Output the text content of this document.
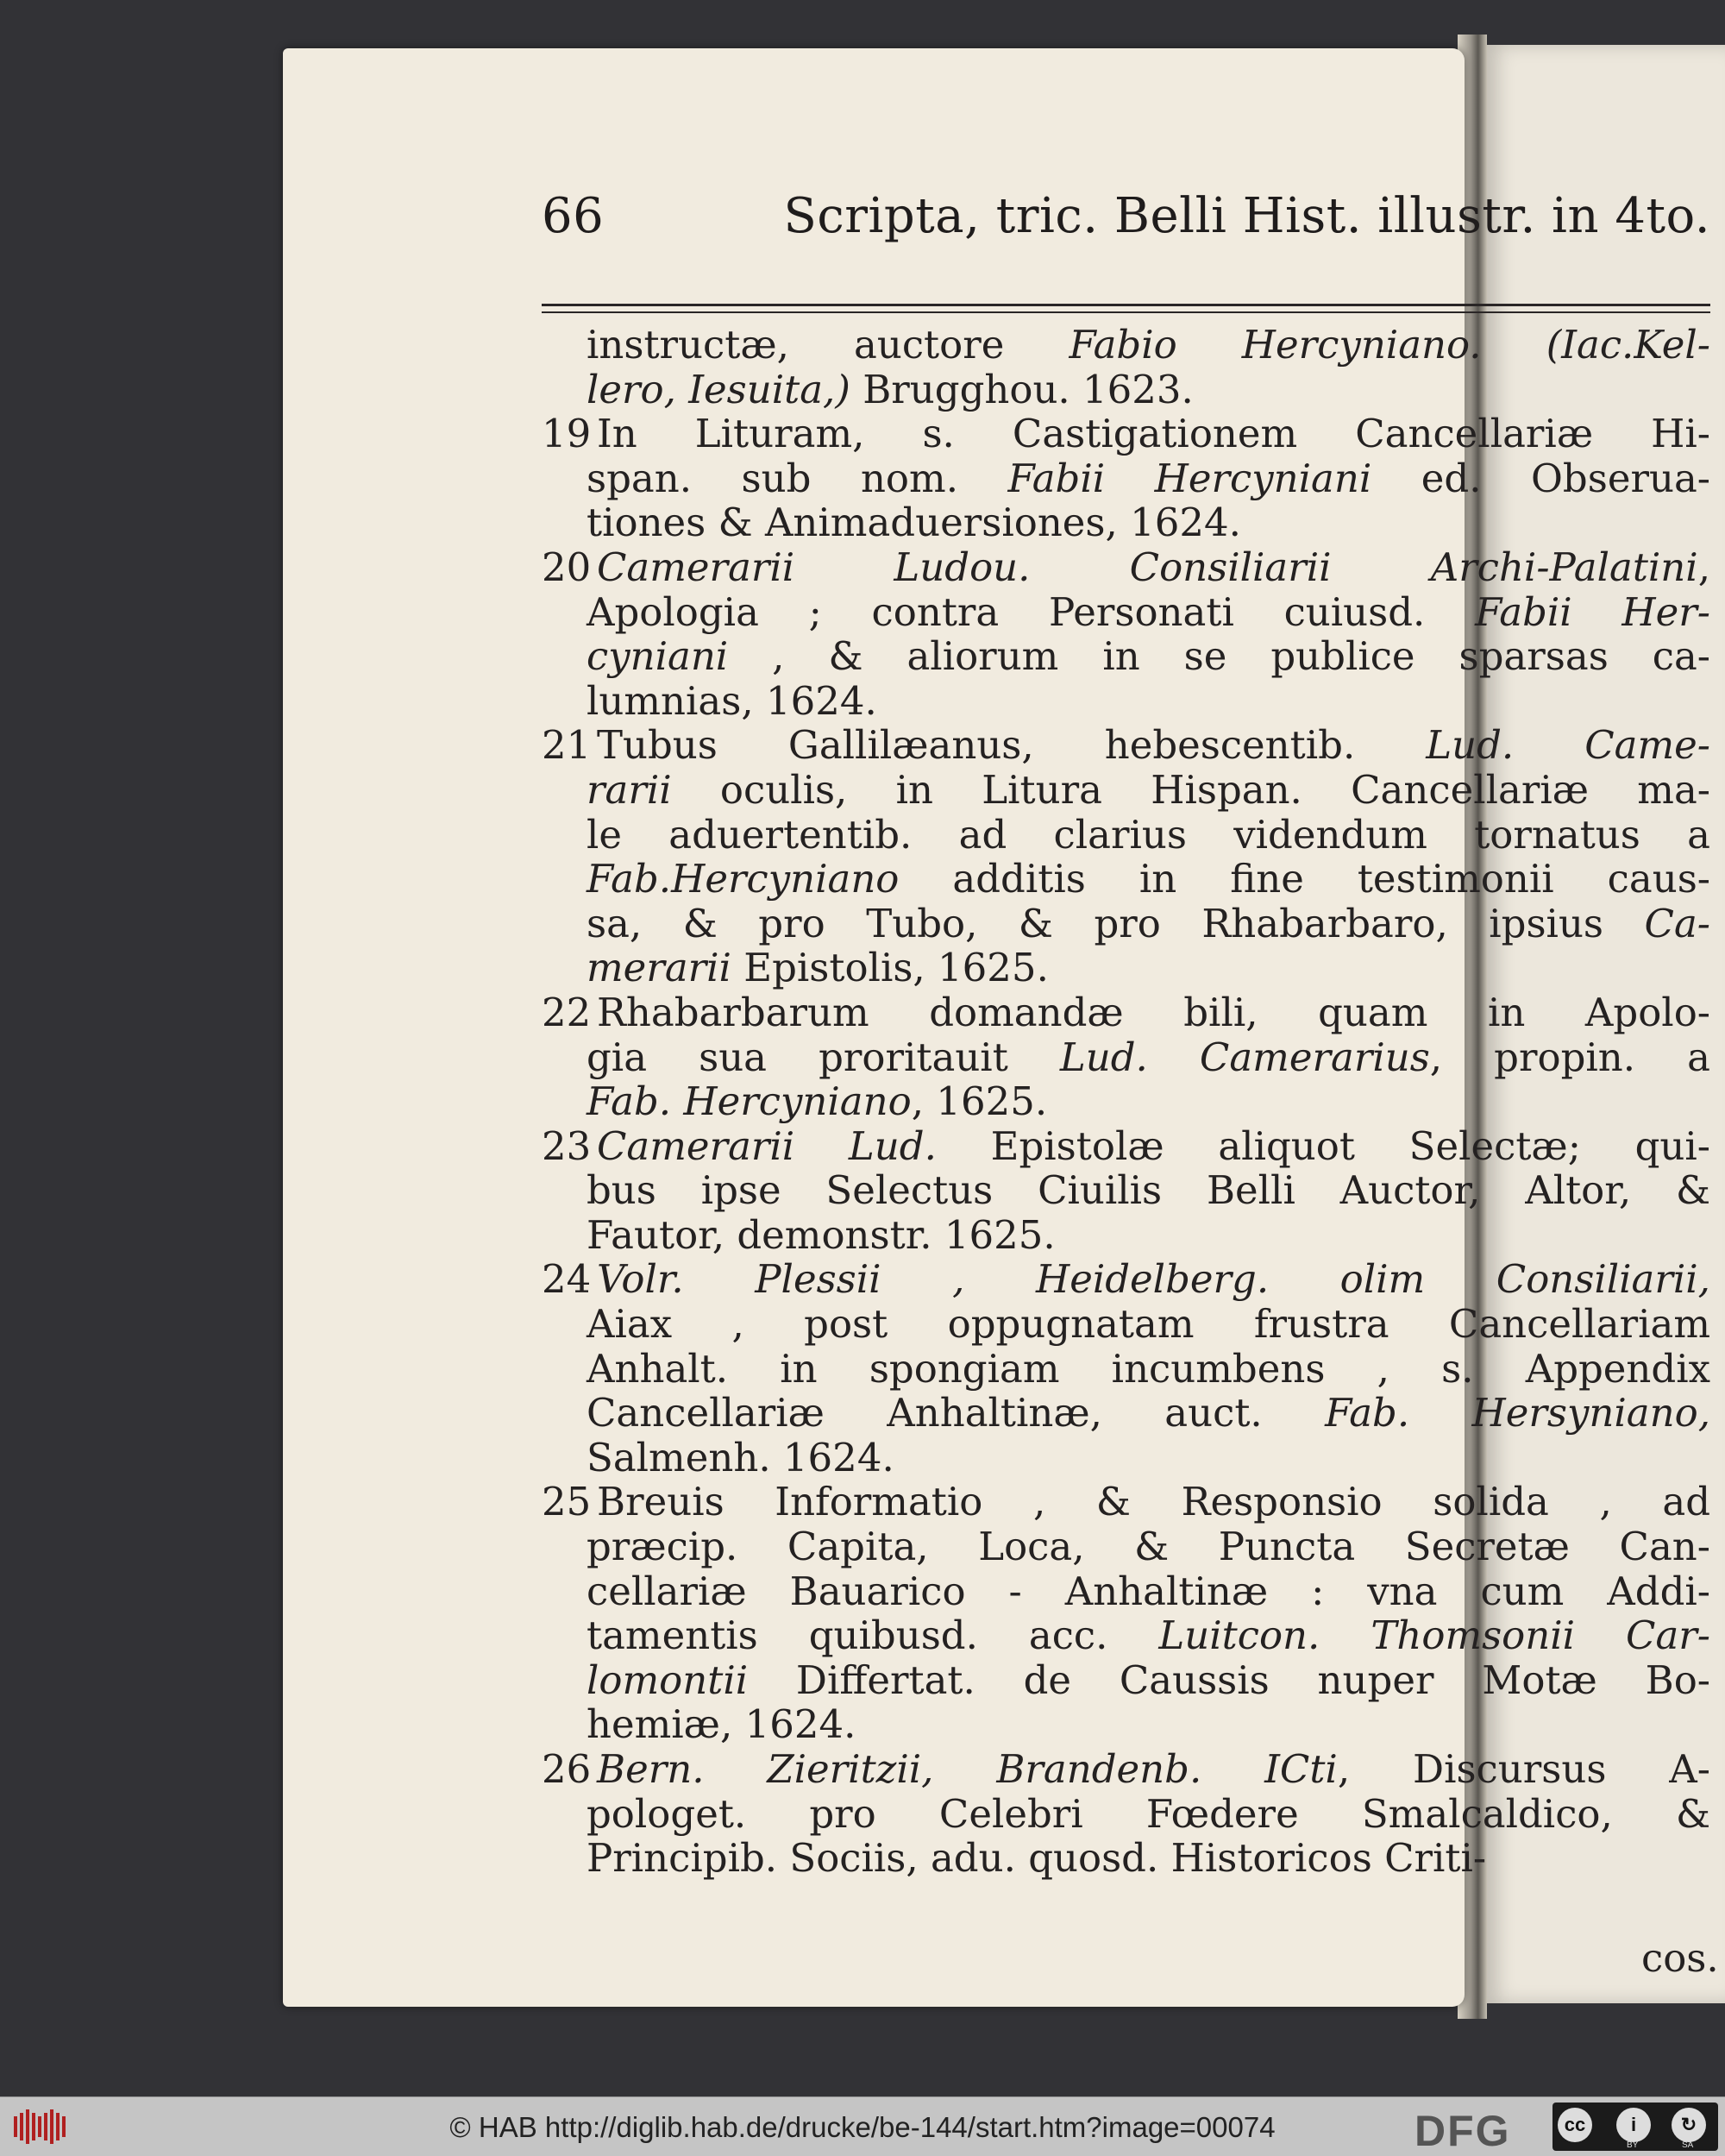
66	Scripta, tric. Belli Hist. illustr. in 4to.
instructæ, auctore Fabio Hercyniano. (Iac.Kel-
lero, Iesuita,) Brugghou. 1623.
19 In Lituram, s. Castigationem Cancellariæ Hi-
span. sub nom. Fabii Hercyniani ed. Obserua-
tiones & Animaduersiones, 1624.
20 Camerarii Ludou. Consiliarii Archi-Palatini,
Apologia ; contra Personati cuiusd. Fabii Her-
cyniani , & aliorum in se publice sparsas ca-
lumnias, 1624.
21 Tubus Gallilæanus, hebescentib. Lud. Came-
rarii oculis, in Litura Hispan. Cancellariæ ma-
le aduertentib. ad clarius videndum tornatus a
Fab.Hercyniano additis in fine testimonii caus-
sa, & pro Tubo, & pro Rhabarbaro, ipsius Ca-
merarii Epistolis, 1625.
22 Rhabarbarum domandæ bili, quam in Apolo-
gia sua proritauit Lud. Camerarius, propin. a
Fab. Hercyniano, 1625.
23 Camerarii Lud. Epistolæ aliquot Selectæ; qui-
bus ipse Selectus Ciuilis Belli Auctor, Altor, &
Fautor, demonstr. 1625.
24 Volr. Plessii , Heidelberg. olim Consiliarii,
Aiax , post oppugnatam frustra Cancellariam
Anhalt. in spongiam incumbens , s. Appendix
Cancellariæ Anhaltinæ, auct. Fab. Hersyniano,
Salmenh. 1624.
25 Breuis Informatio , & Responsio solida , ad
præcip. Capita, Loca, & Puncta Secretæ Can-
cellariæ Bauarico - Anhaltinæ : vna cum Addi-
tamentis quibusd. acc. Luitcon. Thomsonii Car-
lomontii Differtat. de Caussis nuper Motæ Bo-
hemiæ, 1624.
26 Bern. Zieritzii, Brandenb. ICti, Discursus A-
pologet. pro Celebri Fœdere Smalcaldico, &
Principib. Sociis, adu. quosd. Historicos Criti-
cos.
© HAB http://diglib.hab.de/drucke/be-144/start.htm?image=00074	DFG	cc	i	↻
BY	SA
